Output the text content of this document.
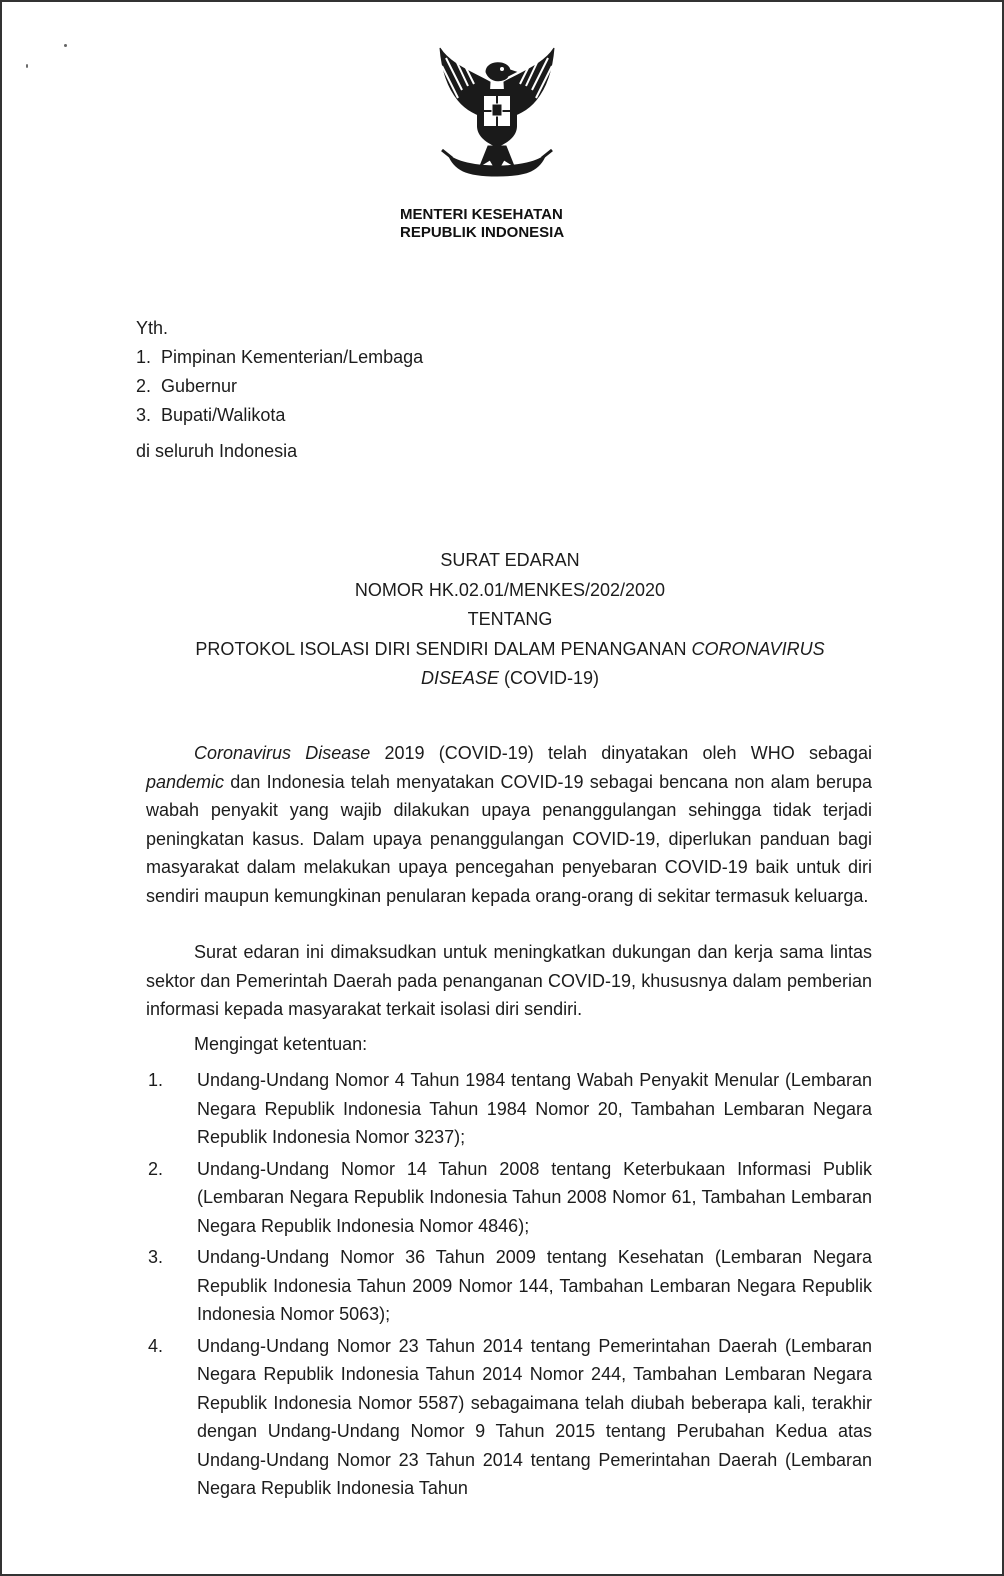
MENTERI KESEHATAN
REPUBLIK INDONESIA
Yth.
1. Pimpinan Kementerian/Lembaga
2. Gubernur
3. Bupati/Walikota
di seluruh Indonesia
SURAT EDARAN
NOMOR HK.02.01/MENKES/202/2020
TENTANG
PROTOKOL ISOLASI DIRI SENDIRI DALAM PENANGANAN CORONAVIRUS
DISEASE (COVID-19)
Coronavirus Disease 2019 (COVID-19) telah dinyatakan oleh WHO sebagai pandemic dan Indonesia telah menyatakan COVID-19 sebagai bencana non alam berupa wabah penyakit yang wajib dilakukan upaya penanggulangan sehingga tidak terjadi peningkatan kasus. Dalam upaya penanggulangan COVID-19, diperlukan panduan bagi masyarakat dalam melakukan upaya pencegahan penyebaran COVID-19 baik untuk diri sendiri maupun kemungkinan penularan kepada orang-orang di sekitar termasuk keluarga.
Surat edaran ini dimaksudkan untuk meningkatkan dukungan dan kerja sama lintas sektor dan Pemerintah Daerah pada penanganan COVID-19, khususnya dalam pemberian informasi kepada masyarakat terkait isolasi diri sendiri.
Mengingat ketentuan:
1.	Undang-Undang Nomor 4 Tahun 1984 tentang Wabah Penyakit Menular (Lembaran Negara Republik Indonesia Tahun 1984 Nomor 20, Tambahan Lembaran Negara Republik Indonesia Nomor 3237);
2.	Undang-Undang Nomor 14 Tahun 2008 tentang Keterbukaan Informasi Publik (Lembaran Negara Republik Indonesia Tahun 2008 Nomor 61, Tambahan Lembaran Negara Republik Indonesia Nomor 4846);
3.	Undang-Undang Nomor 36 Tahun 2009 tentang Kesehatan (Lembaran Negara Republik Indonesia Tahun 2009 Nomor 144, Tambahan Lembaran Negara Republik Indonesia Nomor 5063);
4.	Undang-Undang Nomor 23 Tahun 2014 tentang Pemerintahan Daerah (Lembaran Negara Republik Indonesia Tahun 2014 Nomor 244, Tambahan Lembaran Negara Republik Indonesia Nomor 5587) sebagaimana telah diubah beberapa kali, terakhir dengan Undang-Undang Nomor 9 Tahun 2015 tentang Perubahan Kedua atas Undang-Undang Nomor 23 Tahun 2014 tentang Pemerintahan Daerah (Lembaran Negara Republik Indonesia Tahun
